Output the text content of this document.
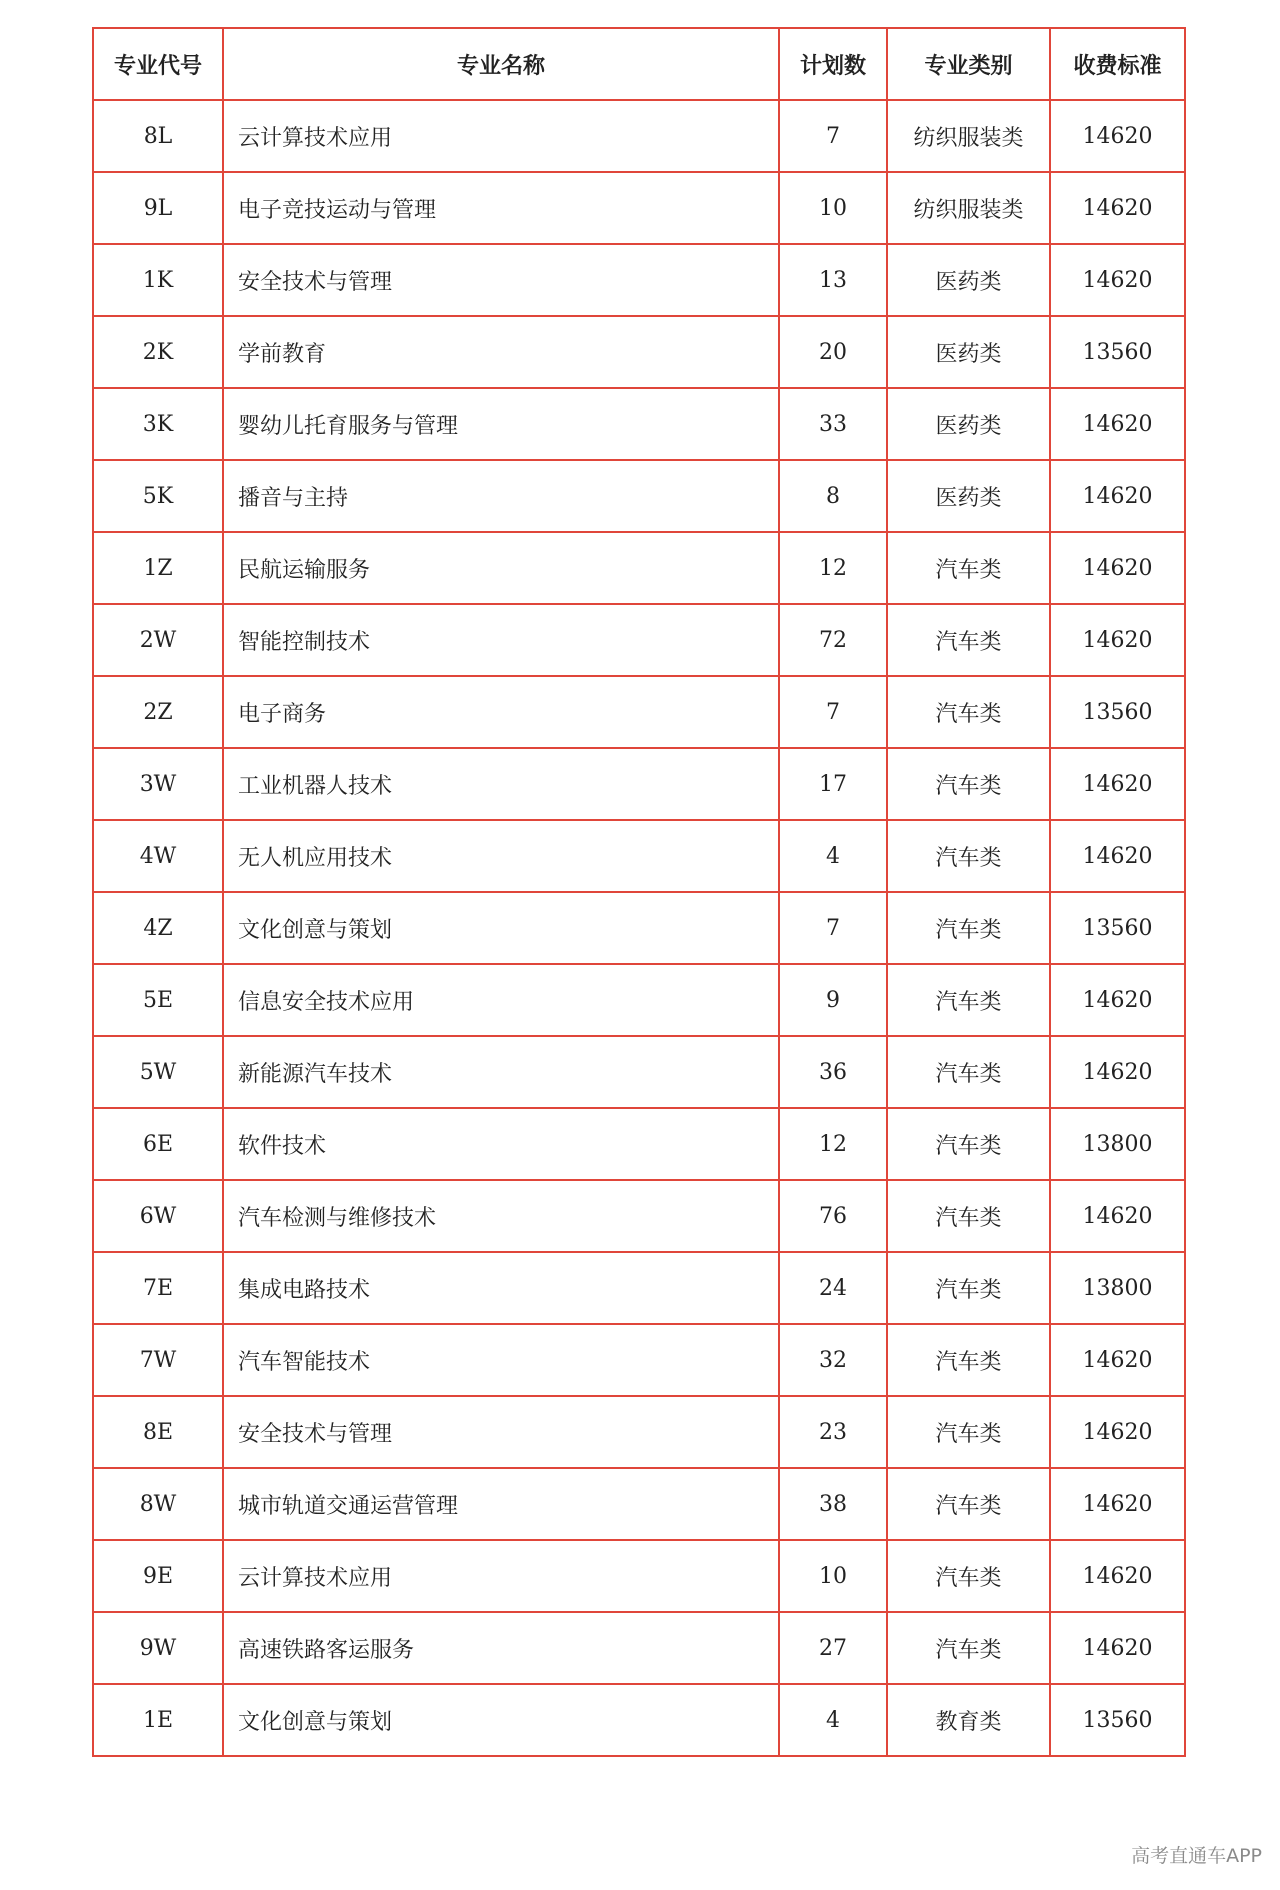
专业代号	专业名称	计划数	专业类别	收费标准
8L	云计算技术应用	7	纺织服装类	14620
9L	电子竞技运动与管理	10	纺织服装类	14620
1K	安全技术与管理	13	医药类	14620
2K	学前教育	20	医药类	13560
3K	婴幼儿托育服务与管理	33	医药类	14620
5K	播音与主持	8	医药类	14620
1Z	民航运输服务	12	汽车类	14620
2W	智能控制技术	72	汽车类	14620
2Z	电子商务	7	汽车类	13560
3W	工业机器人技术	17	汽车类	14620
4W	无人机应用技术	4	汽车类	14620
4Z	文化创意与策划	7	汽车类	13560
5E	信息安全技术应用	9	汽车类	14620
5W	新能源汽车技术	36	汽车类	14620
6E	软件技术	12	汽车类	13800
6W	汽车检测与维修技术	76	汽车类	14620
7E	集成电路技术	24	汽车类	13800
7W	汽车智能技术	32	汽车类	14620
8E	安全技术与管理	23	汽车类	14620
8W	城市轨道交通运营管理	38	汽车类	14620
9E	云计算技术应用	10	汽车类	14620
9W	高速铁路客运服务	27	汽车类	14620
1E	文化创意与策划	4	教育类	13560
高考直通车APP
